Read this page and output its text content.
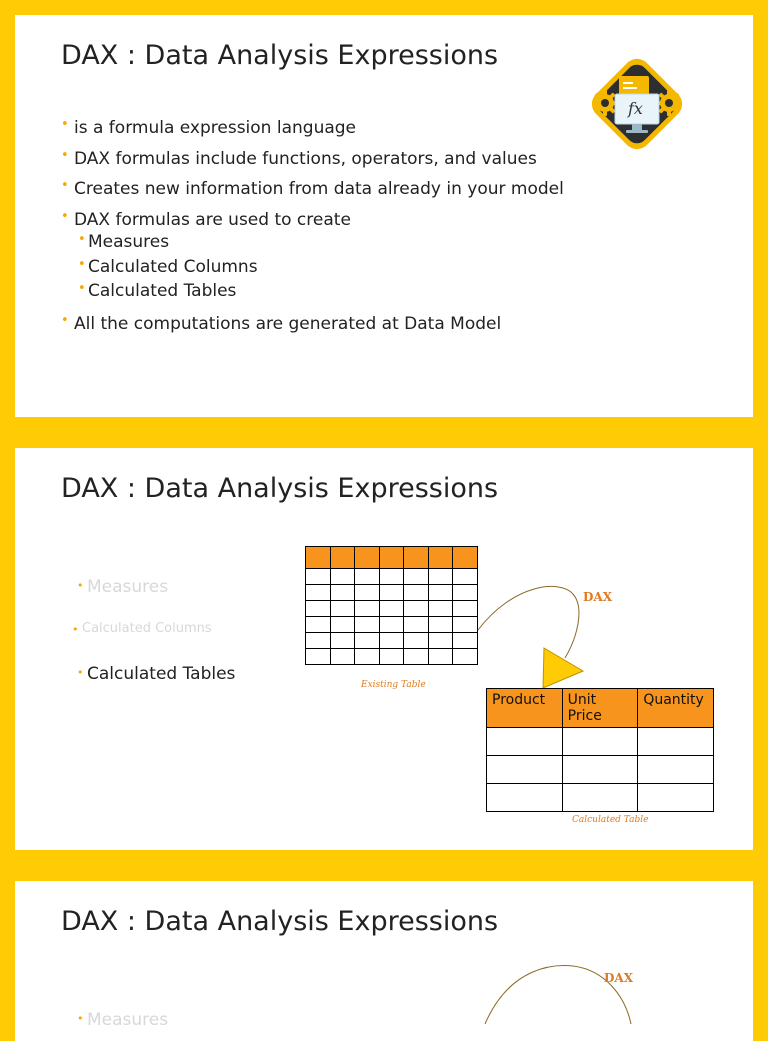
DAX : Data Analysis Expressions
• is a formula expression language
• DAX formulas include functions, operators, and values
• Creates new information from data already in your model
• DAX formulas are used to create
• Measures
• Calculated Columns
• Calculated Tables
• All the computations are generated at Data Model
fx
DAX : Data Analysis Expressions
• Measures
• Calculated Columns
• Calculated Tables

Existing Table
DAX
Product	Unit Price	Quantity

Calculated Table
DAX : Data Analysis Expressions
DAX
• Measures
